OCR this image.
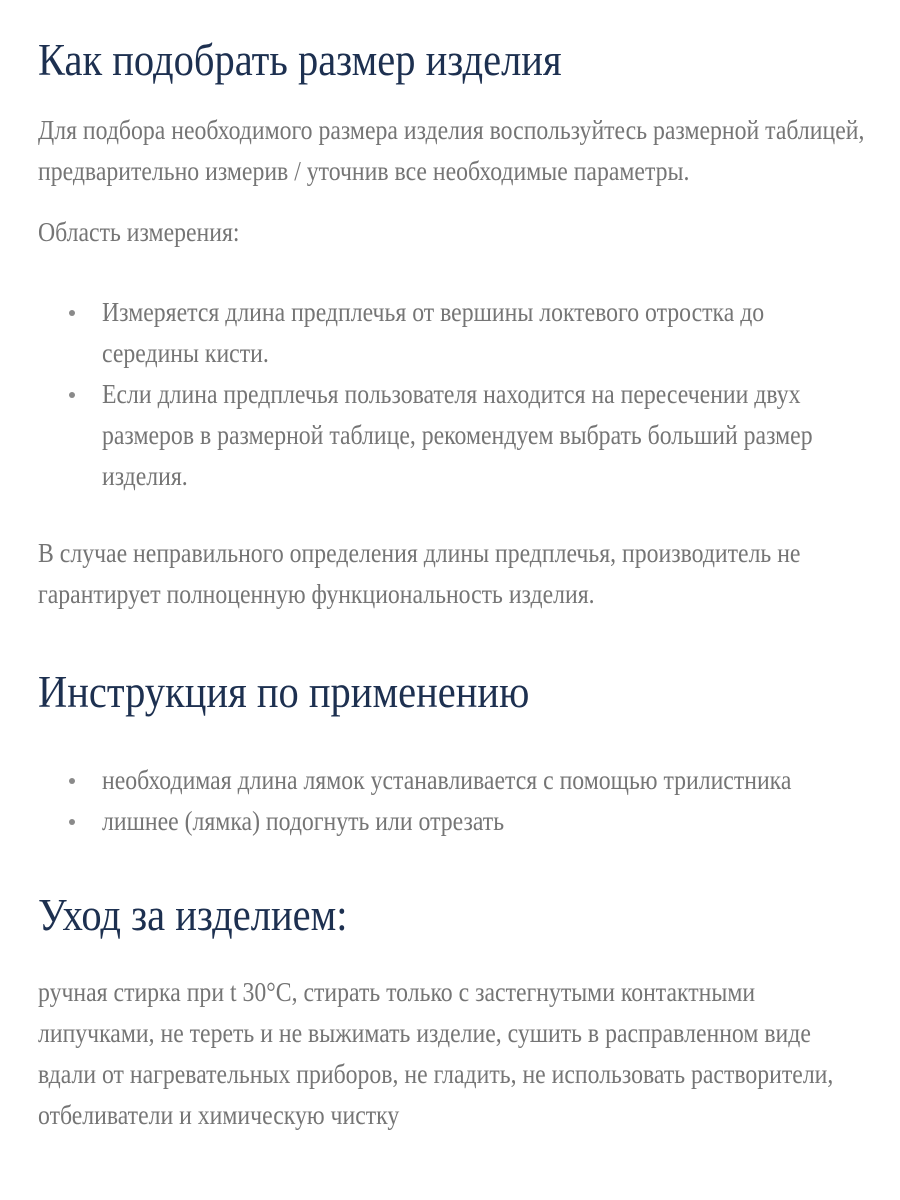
Как подобрать размер изделия

Для подбора необходимого размера изделия воспользуйтесь размерной таблицей, предварительно измерив / уточнив все необходимые параметры.

Область измерения:

Измеряется длина предплечья от вершины локтевого отростка до середины кисти.
Если длина предплечья пользователя находится на пересечении двух размеров в размерной таблице, рекомендуем выбрать больший размер изделия.

В случае неправильного определения длины предплечья, производитель не гарантирует полноценную функциональность изделия.

Инструкция по применению
необходимая длина лямок устанавливается с помощью трилистника
лишнее (лямка) подогнуть или отрезать
Уход за изделием:

ручная стирка при t 30°C, стирать только с застегнутыми контактными липучками, не тереть и не выжимать изделие, сушить в расправленном виде вдали от нагревательных приборов, не гладить, не использовать растворители, отбеливатели и химическую чистку
